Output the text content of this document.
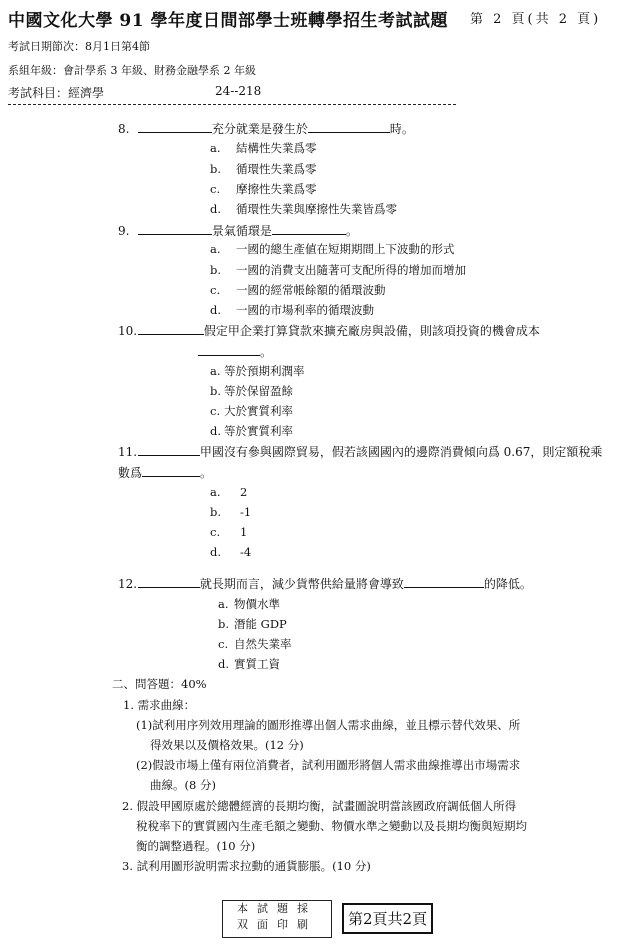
中國文化大學 91 學年度日間部學士班轉學招生考試試題 第 2 頁(共 2 頁)
考試日期節次：8月1日第4節
系組年級：會計學系 3 年級、財務金融學系 2 年級
考試科目：經濟學	24--218
8.	充分就業是發生於	時。
a. 結構性失業爲零
b. 循環性失業爲零
c. 摩擦性失業爲零
d. 循環性失業與摩擦性失業皆爲零
9.	景氣循環是	。
a. 一國的總生產値在短期期間上下波動的形式
b. 一國的消費支出隨著可支配所得的增加而增加
c. 一國的經常帳餘額的循環波動
d. 一國的市場利率的循環波動
10.	假定甲企業打算貸款來擴充廠房與設備，則該項投資的機會成本
。
a. 等於預期利潤率
b. 等於保留盈餘
c. 大於實質利率
d. 等於實質利率
11.	甲國沒有參與國際貿易，假若該國國內的邊際消費傾向爲 0.67，則定額稅乘數爲	。
a. 2
b. -1
c. 1
d. -4
12.	就長期而言，減少貨幣供給量將會導致	的降低。
a. 物價水準
b. 潛能 GDP
c. 自然失業率
d. 實質工資
二、問答題：40%
1. 需求曲線：
(1)試利用序列效用理論的圖形推導出個人需求曲線，並且標示替代效果、所
得效果以及價格效果。(12 分)
(2)假設市場上僅有兩位消費者，試利用圖形將個人需求曲線推導出市場需求
曲線。(8 分)
2. 假設甲國原處於總體經濟的長期均衡，試畫圖說明當該國政府調低個人所得
稅稅率下的實質國內生產毛額之變動、物價水準之變動以及長期均衡與短期均
衡的調整過程。(10 分)
3. 試利用圖形說明需求拉動的通貨膨脹。(10 分)
本試題採
双面印刷	第2頁共2頁
